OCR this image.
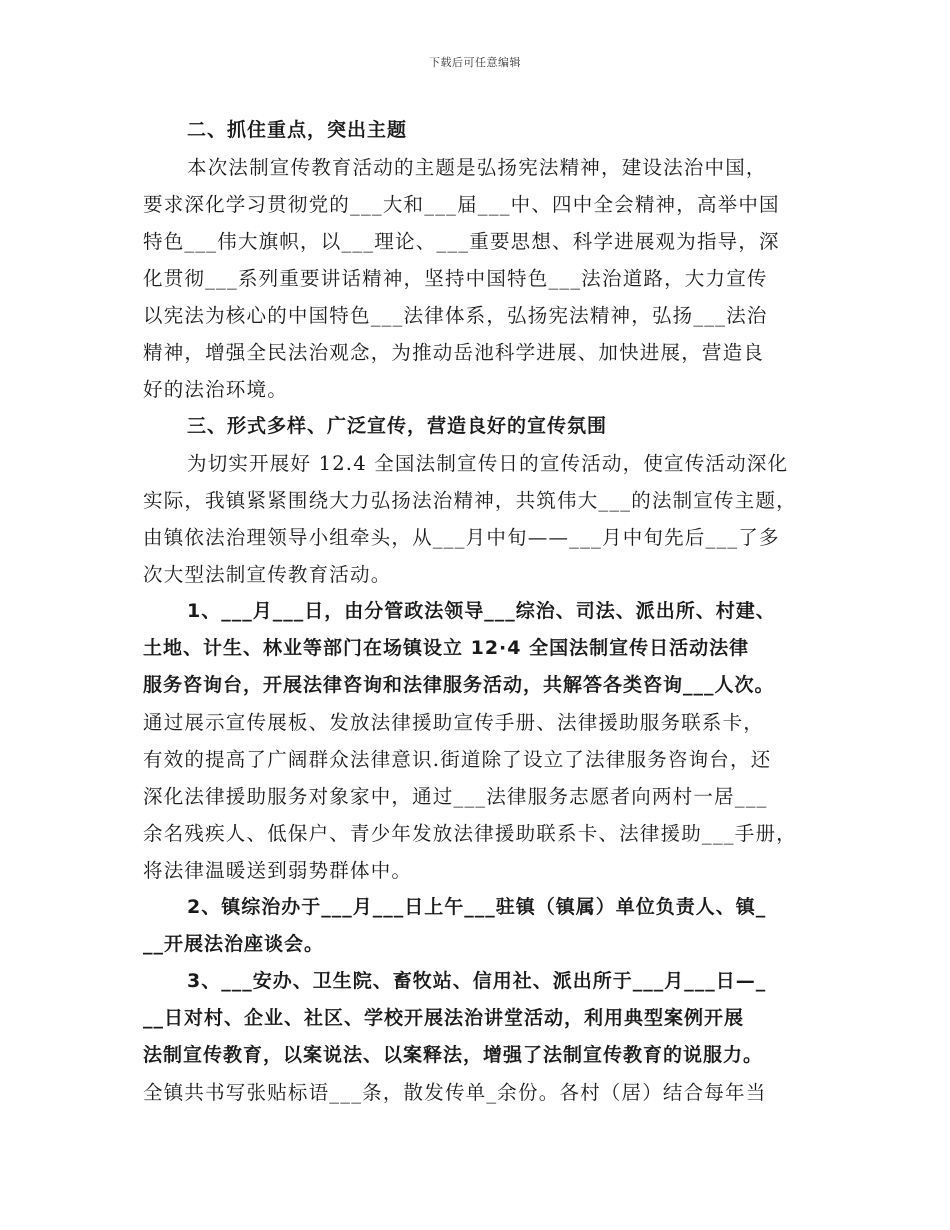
下载后可任意编辑
二、抓住重点，突出主题
本次法制宣传教育活动的主题是弘扬宪法精神，建设法治中国，
要求深化学习贯彻党的___大和___届___中、四中全会精神，高举中国
特色___伟大旗帜，以___理论、___重要思想、科学进展观为指导，深
化贯彻___系列重要讲话精神，坚持中国特色___法治道路，大力宣传
以宪法为核心的中国特色___法律体系，弘扬宪法精神，弘扬___法治
精神，增强全民法治观念，为推动岳池科学进展、加快进展，营造良
好的法治环境。
三、形式多样、广泛宣传，营造良好的宣传氛围
为切实开展好 12.4 全国法制宣传日的宣传活动，使宣传活动深化
实际，我镇紧紧围绕大力弘扬法治精神，共筑伟大___的法制宣传主题，
由镇依法治理领导小组牵头，从___月中旬——___月中旬先后___了多
次大型法制宣传教育活动。
1、___月___日，由分管政法领导___综治、司法、派出所、村建、
土地、计生、林业等部门在场镇设立 12·4 全国法制宣传日活动法律
服务咨询台，开展法律咨询和法律服务活动，共解答各类咨询___人次。
通过展示宣传展板、发放法律援助宣传手册、法律援助服务联系卡，
有效的提高了广阔群众法律意识.街道除了设立了法律服务咨询台，还
深化法律援助服务对象家中，通过___法律服务志愿者向两村一居___
余名残疾人、低保户、青少年发放法律援助联系卡、法律援助___手册，
将法律温暖送到弱势群体中。
2、镇综治办于___月___日上午___驻镇（镇属）单位负责人、镇_
__开展法治座谈会。
3、___安办、卫生院、畜牧站、信用社、派出所于___月___日—_
__日对村、企业、社区、学校开展法治讲堂活动，利用典型案例开展
法制宣传教育，以案说法、以案释法，增强了法制宣传教育的说服力。
全镇共书写张贴标语___条，散发传单_余份。各村（居）结合每年当
